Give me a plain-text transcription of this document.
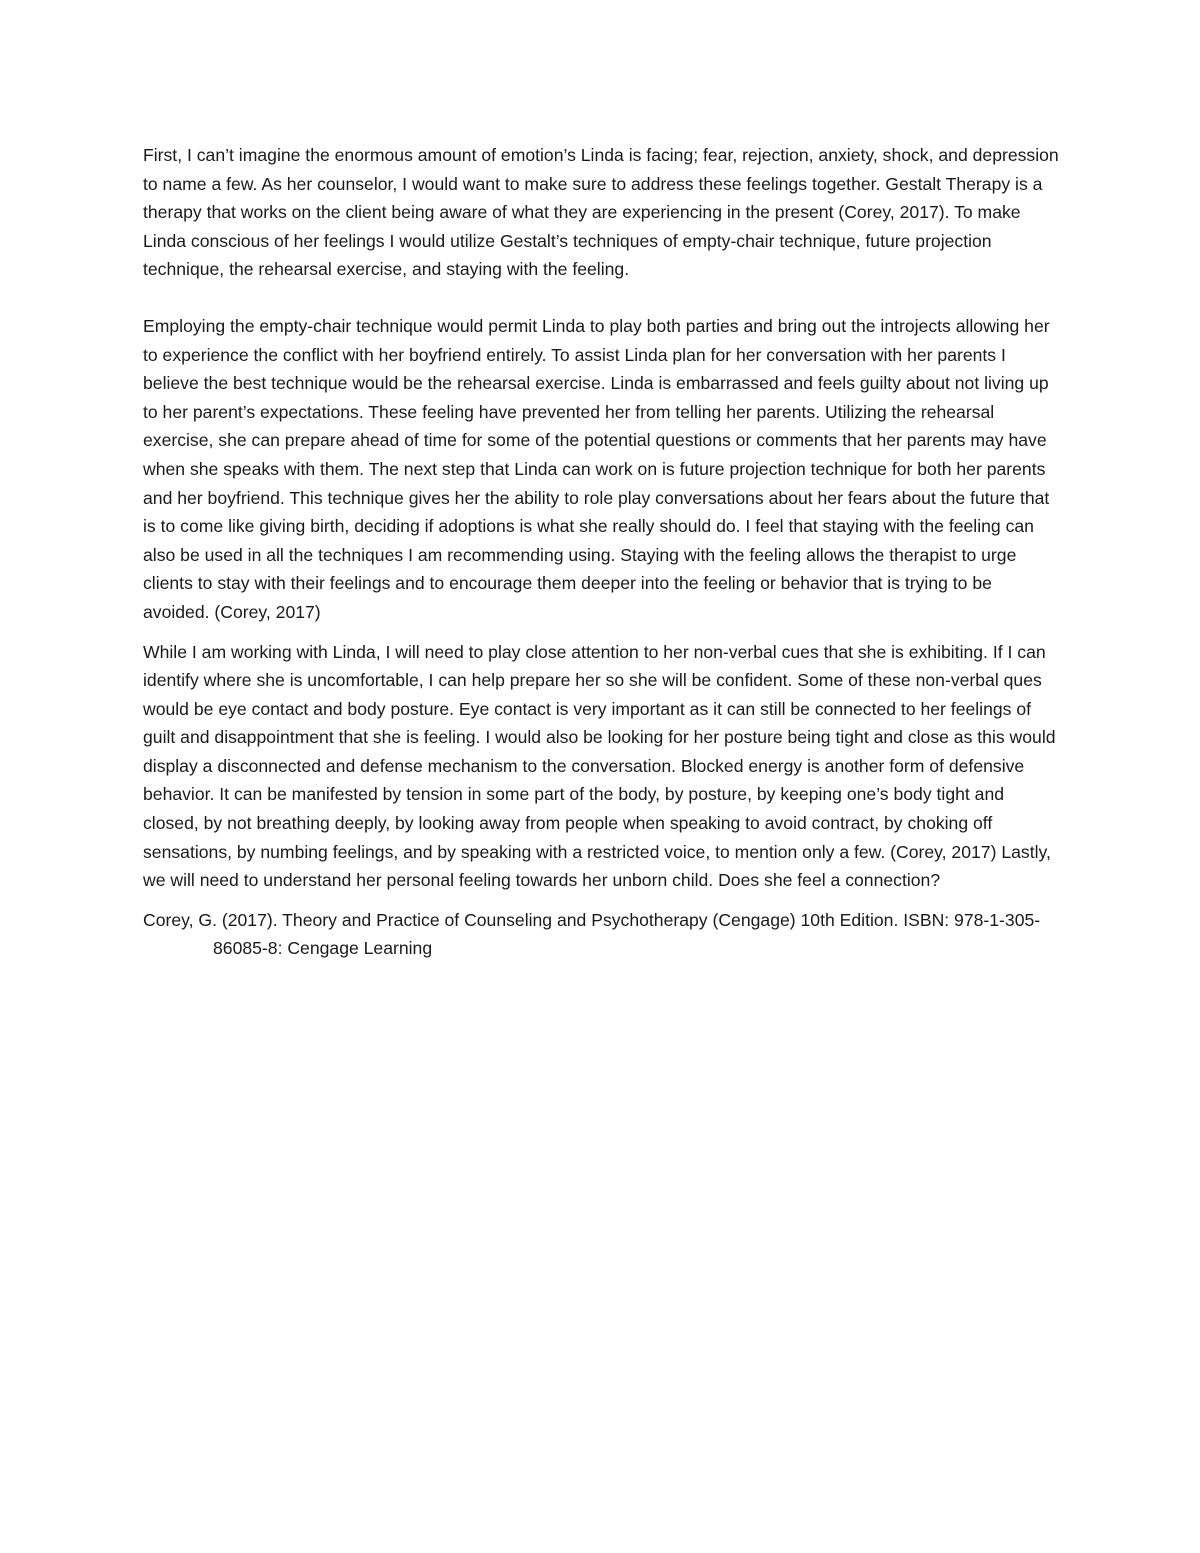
First, I can’t imagine the enormous amount of emotion’s Linda is facing; fear, rejection, anxiety, shock, and depression to name a few. As her counselor, I would want to make sure to address these feelings together. Gestalt Therapy is a therapy that works on the client being aware of what they are experiencing in the present (Corey, 2017). To make Linda conscious of her feelings I would utilize Gestalt’s techniques of empty-chair technique, future projection technique, the rehearsal exercise, and staying with the feeling.

Employing the empty-chair technique would permit Linda to play both parties and bring out the introjects allowing her to experience the conflict with her boyfriend entirely. To assist Linda plan for her conversation with her parents I believe the best technique would be the rehearsal exercise. Linda is embarrassed and feels guilty about not living up to her parent’s expectations. These feeling have prevented her from telling her parents. Utilizing the rehearsal exercise, she can prepare ahead of time for some of the potential questions or comments that her parents may have when she speaks with them. The next step that Linda can work on is future projection technique for both her parents and her boyfriend. This technique gives her the ability to role play conversations about her fears about the future that is to come like giving birth, deciding if adoptions is what she really should do. I feel that staying with the feeling can also be used in all the techniques I am recommending using. Staying with the feeling allows the therapist to urge clients to stay with their feelings and to encourage them deeper into the feeling or behavior that is trying to be avoided. (Corey, 2017)

While I am working with Linda, I will need to play close attention to her non-verbal cues that she is exhibiting. If I can identify where she is uncomfortable, I can help prepare her so she will be confident. Some of these non-verbal ques would be eye contact and body posture. Eye contact is very important as it can still be connected to her feelings of guilt and disappointment that she is feeling. I would also be looking for her posture being tight and close as this would display a disconnected and defense mechanism to the conversation. Blocked energy is another form of defensive behavior. It can be manifested by tension in some part of the body, by posture, by keeping one’s body tight and closed, by not breathing deeply, by looking away from people when speaking to avoid contract, by choking off sensations, by numbing feelings, and by speaking with a restricted voice, to mention only a few. (Corey, 2017) Lastly, we will need to understand her personal feeling towards her unborn child. Does she feel a connection?

Corey, G. (2017). Theory and Practice of Counseling and Psychotherapy (Cengage) 10th Edition. ISBN: 978-1-305-86085-8: Cengage Learning
